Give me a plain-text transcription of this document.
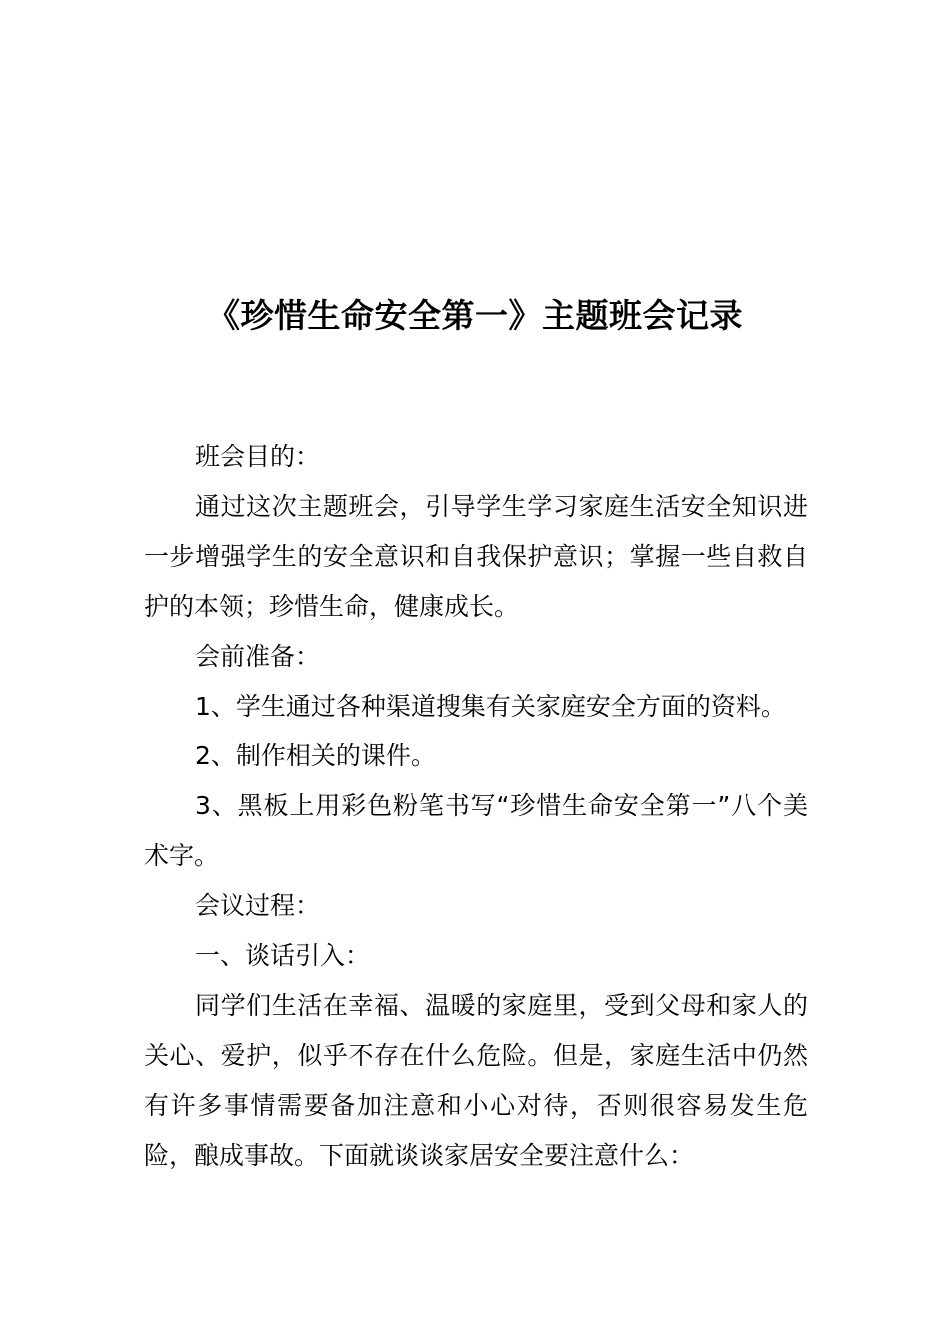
《珍惜生命安全第一》主题班会记录

班会目的：

通过这次主题班会，引导学生学习家庭生活安全知识进一步增强学生的安全意识和自我保护意识；掌握一些自救自护的本领；珍惜生命，健康成长。

会前准备：

1、学生通过各种渠道搜集有关家庭安全方面的资料。

2、制作相关的课件。

3、黑板上用彩色粉笔书写“珍惜生命安全第一”八个美术字。

会议过程：

一、谈话引入：

同学们生活在幸福、温暖的家庭里，受到父母和家人的关心、爱护，似乎不存在什么危险。但是，家庭生活中仍然有许多事情需要备加注意和小心对待，否则很容易发生危险，酿成事故。下面就谈谈家居安全要注意什么：
